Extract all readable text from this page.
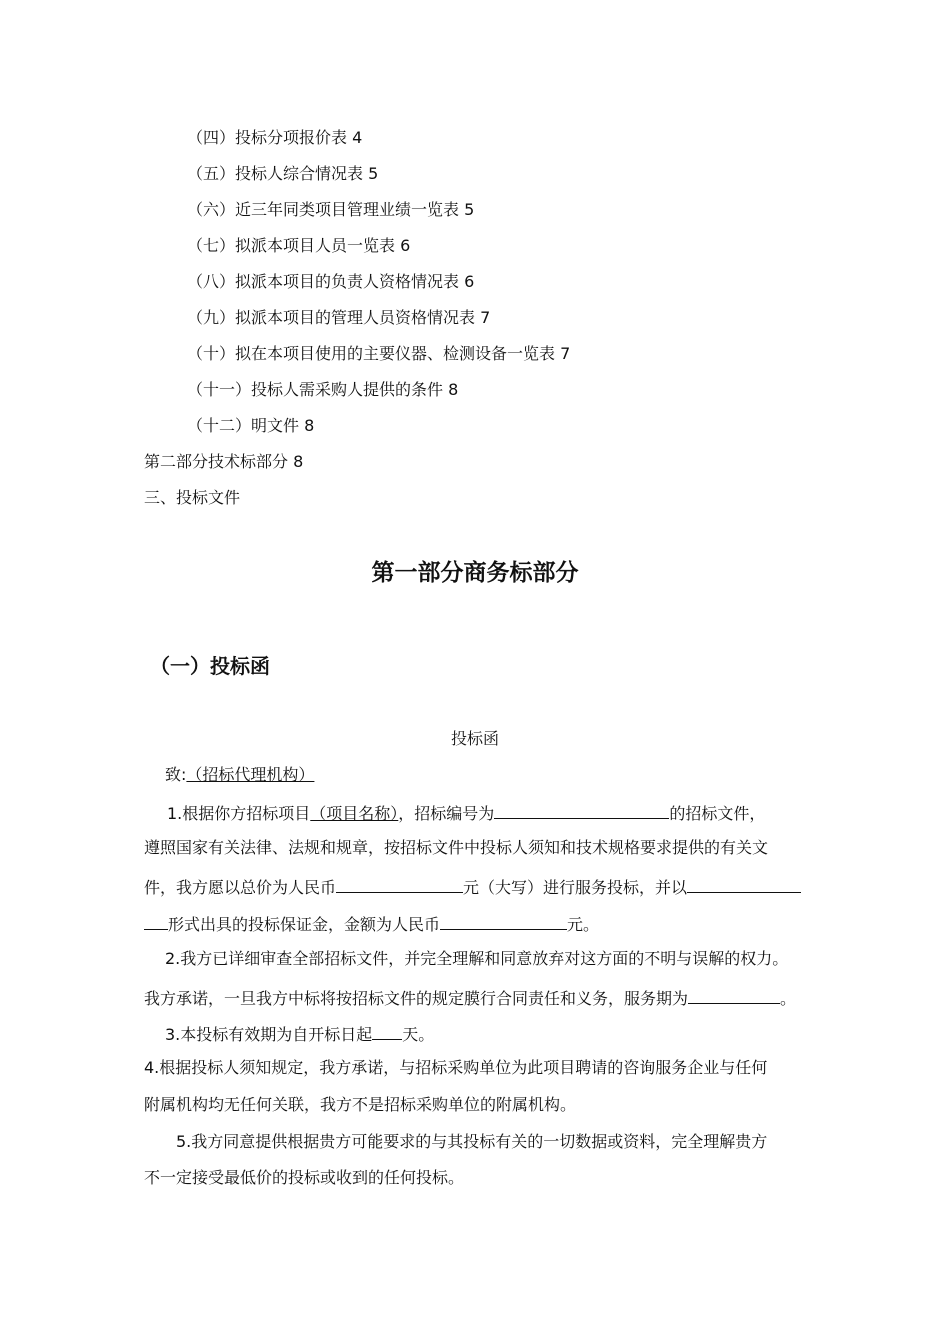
（四）投标分项报价表 4
（五）投标人综合情况表 5
（六）近三年同类项目管理业绩一览表 5
（七）拟派本项目人员一览表 6
（八）拟派本项目的负责人资格情况表 6
（九）拟派本项目的管理人员资格情况表 7
（十）拟在本项目使用的主要仪器、检测设备一览表 7
（十一）投标人需采购人提供的条件 8
（十二）明文件 8
第二部分技术标部分 8
三、投标文件
第一部分商务标部分
（一）投标函
投标函
致:（招标代理机构）
1.根据你方招标项目（项目名称），招标编号为	的招标文件，
遵照国家有关法律、法规和规章，按招标文件中投标人须知和技术规格要求提供的有关文
件，我方愿以总价为人民币	元（大写）进行服务投标，并以
形式出具的投标保证金，金额为人民币	元。
2.我方已详细审查全部招标文件，并完全理解和同意放弃对这方面的不明与误解的权力。
我方承诺，一旦我方中标将按招标文件的规定膜行合同责任和义务，服务期为	。
3.本投标有效期为自开标日起 天。
4.根据投标人须知规定，我方承诺，与招标采购单位为此项目聘请的咨询服务企业与任何
附属机构均无任何关联，我方不是招标采购单位的附属机构。
5.我方同意提供根据贵方可能要求的与其投标有关的一切数据或资料，完全理解贵方
不一定接受最低价的投标或收到的任何投标。
